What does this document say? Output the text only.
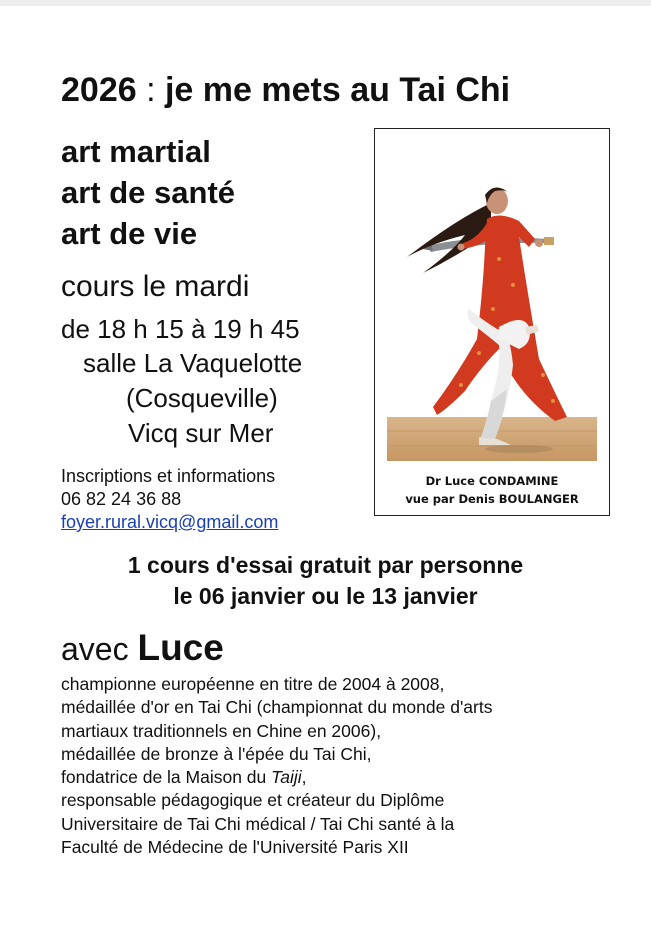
2026 : je me mets au Tai Chi
art martial
art de santé
art de vie
cours le mardi
de 18 h 15 à 19 h 45
salle La Vaquelotte
(Cosqueville)
Vicq sur Mer
Inscriptions et informations
06 82 24 36 88
foyer.rural.vicq@gmail.com
Dr Luce CONDAMINE
vue par Denis BOULANGER
1 cours d'essai gratuit par personne
le 06 janvier ou le 13 janvier
avec Luce
championne européenne en titre de 2004 à 2008,
médaillée d'or en Tai Chi (championnat du monde d'arts
martiaux traditionnels en Chine en 2006),
médaillée de bronze à l'épée du Tai Chi,
fondatrice de la Maison du Taiji,
responsable pédagogique et créateur du Diplôme
Universitaire de Tai Chi médical / Tai Chi santé à la
Faculté de Médecine de l'Université Paris XII
